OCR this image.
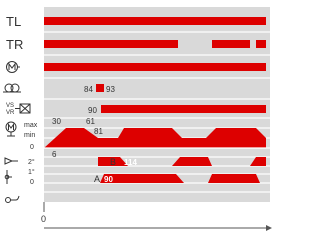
84 93
90
30	61
81
6
B 114
A 90
TL
TR
VS
VR
max
min
0
2°
1°
0
0
